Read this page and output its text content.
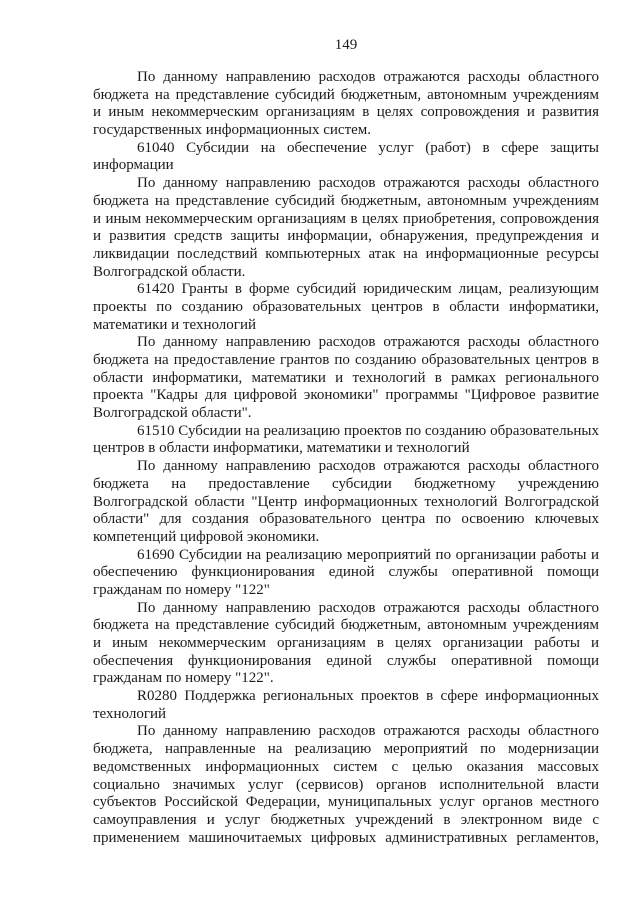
149
По данному направлению расходов отражаются расходы областного
бюджета на представление субсидий бюджетным, автономным учреждениям
и иным некоммерческим организациям в целях сопровождения и развития
государственных информационных систем.
61040 Субсидии на обеспечение услуг (работ) в сфере защиты
информации
По данному направлению расходов отражаются расходы областного
бюджета на представление субсидий бюджетным, автономным учреждениям
и иным некоммерческим организациям в целях приобретения, сопровождения
и развития средств защиты информации, обнаружения, предупреждения и
ликвидации последствий компьютерных атак на информационные ресурсы
Волгоградской области.
61420 Гранты в форме субсидий юридическим лицам, реализующим
проекты по созданию образовательных центров в области информатики,
математики и технологий
По данному направлению расходов отражаются расходы областного
бюджета на предоставление грантов по созданию образовательных центров в
области информатики, математики и технологий в рамках регионального
проекта "Кадры для цифровой экономики" программы "Цифровое развитие
Волгоградской области".
61510 Субсидии на реализацию проектов по созданию образовательных
центров в области информатики, математики и технологий
По данному направлению расходов отражаются расходы областного
бюджета на предоставление субсидии бюджетному учреждению
Волгоградской области "Центр информационных технологий Волгоградской
области" для создания образовательного центра по освоению ключевых
компетенций цифровой экономики.
61690 Субсидии на реализацию мероприятий по организации работы и
обеспечению функционирования единой службы оперативной помощи
гражданам по номеру "122"
По данному направлению расходов отражаются расходы областного
бюджета на представление субсидий бюджетным, автономным учреждениям
и иным некоммерческим организациям в целях организации работы и
обеспечения функционирования единой службы оперативной помощи
гражданам по номеру "122".
R0280 Поддержка региональных проектов в сфере информационных
технологий
По данному направлению расходов отражаются расходы областного
бюджета, направленные на реализацию мероприятий по модернизации
ведомственных информационных систем с целью оказания массовых
социально значимых услуг (сервисов) органов исполнительной власти
субъектов Российской Федерации, муниципальных услуг органов местного
самоуправления и услуг бюджетных учреждений в электронном виде с
применением машиночитаемых цифровых административных регламентов,
